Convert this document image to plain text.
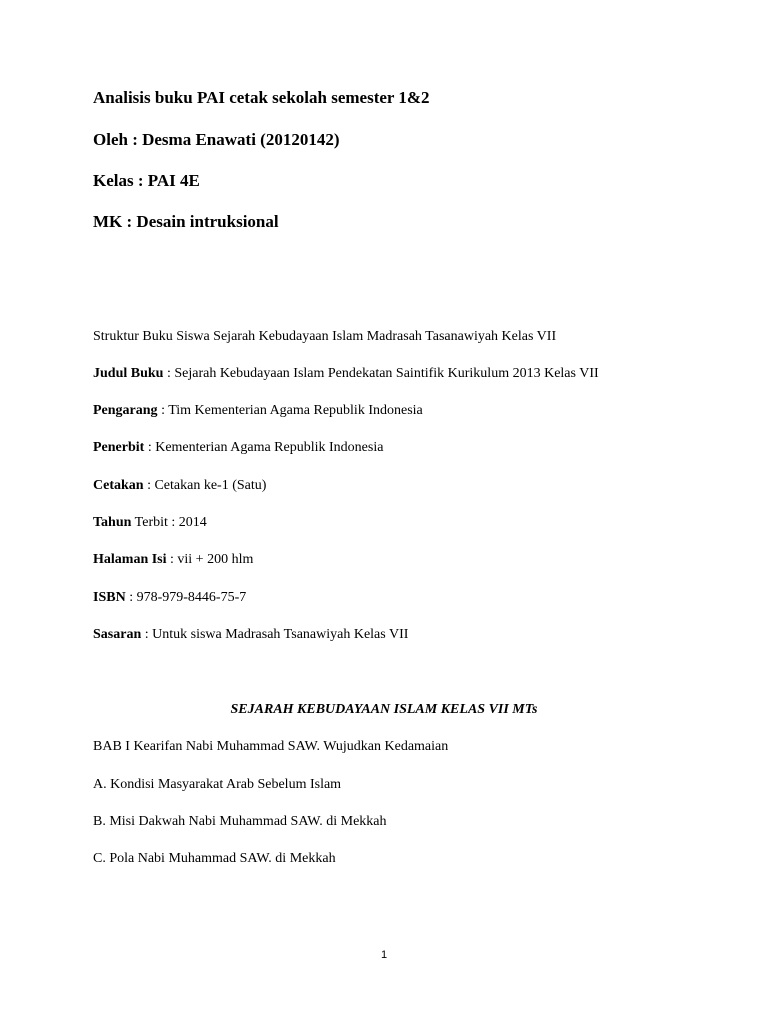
Analisis buku PAI cetak sekolah semester 1&2
Oleh : Desma Enawati (20120142)
Kelas : PAI 4E
MK : Desain intruksional
Struktur Buku Siswa Sejarah Kebudayaan Islam Madrasah Tasanawiyah Kelas VII
Judul Buku : Sejarah Kebudayaan Islam Pendekatan Saintifik Kurikulum 2013 Kelas VII
Pengarang : Tim Kementerian Agama Republik Indonesia
Penerbit : Kementerian Agama Republik Indonesia
Cetakan : Cetakan ke-1 (Satu)
Tahun Terbit : 2014
Halaman Isi : vii + 200 hlm
ISBN : 978-979-8446-75-7
Sasaran : Untuk siswa Madrasah Tsanawiyah Kelas VII
SEJARAH KEBUDAYAAN ISLAM KELAS VII MTs
BAB I Kearifan Nabi Muhammad SAW. Wujudkan Kedamaian
A. Kondisi Masyarakat Arab Sebelum Islam
B. Misi Dakwah Nabi Muhammad SAW. di Mekkah
C. Pola Nabi Muhammad SAW. di Mekkah
1
